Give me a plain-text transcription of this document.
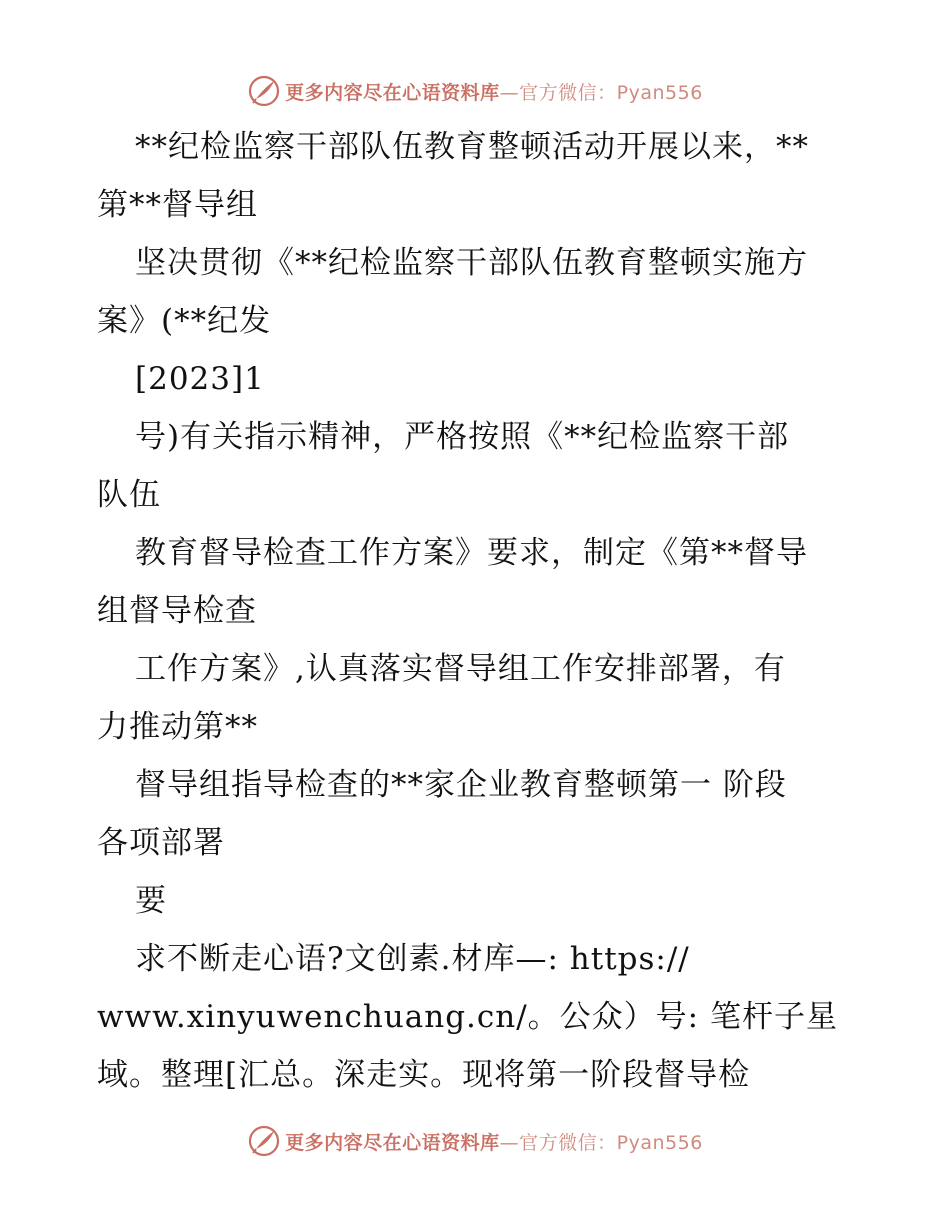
更多内容尽在心语资料库—官方微信：Pyan556
**纪检监察干部队伍教育整顿活动开展以来，**
第**督导组
坚决贯彻《**纪检监察干部队伍教育整顿实施方
案》(**纪发
[2023]1
号)有关指示精神，严格按照《**纪检监察干部
队伍
教育督导检查工作方案》要求，制定《第**督导
组督导检查
工作方案》,认真落实督导组工作安排部署，有
力推动第**
督导组指导检查的**家企业教育整顿第一 阶段
各项部署
要
求不断走心语?文创素.材库—: https://
www.xinyuwenchuang.cn/。公众）号: 笔杆子星
域。整理[汇总。深走实。现将第一阶段督导检
更多内容尽在心语资料库—官方微信：Pyan556
